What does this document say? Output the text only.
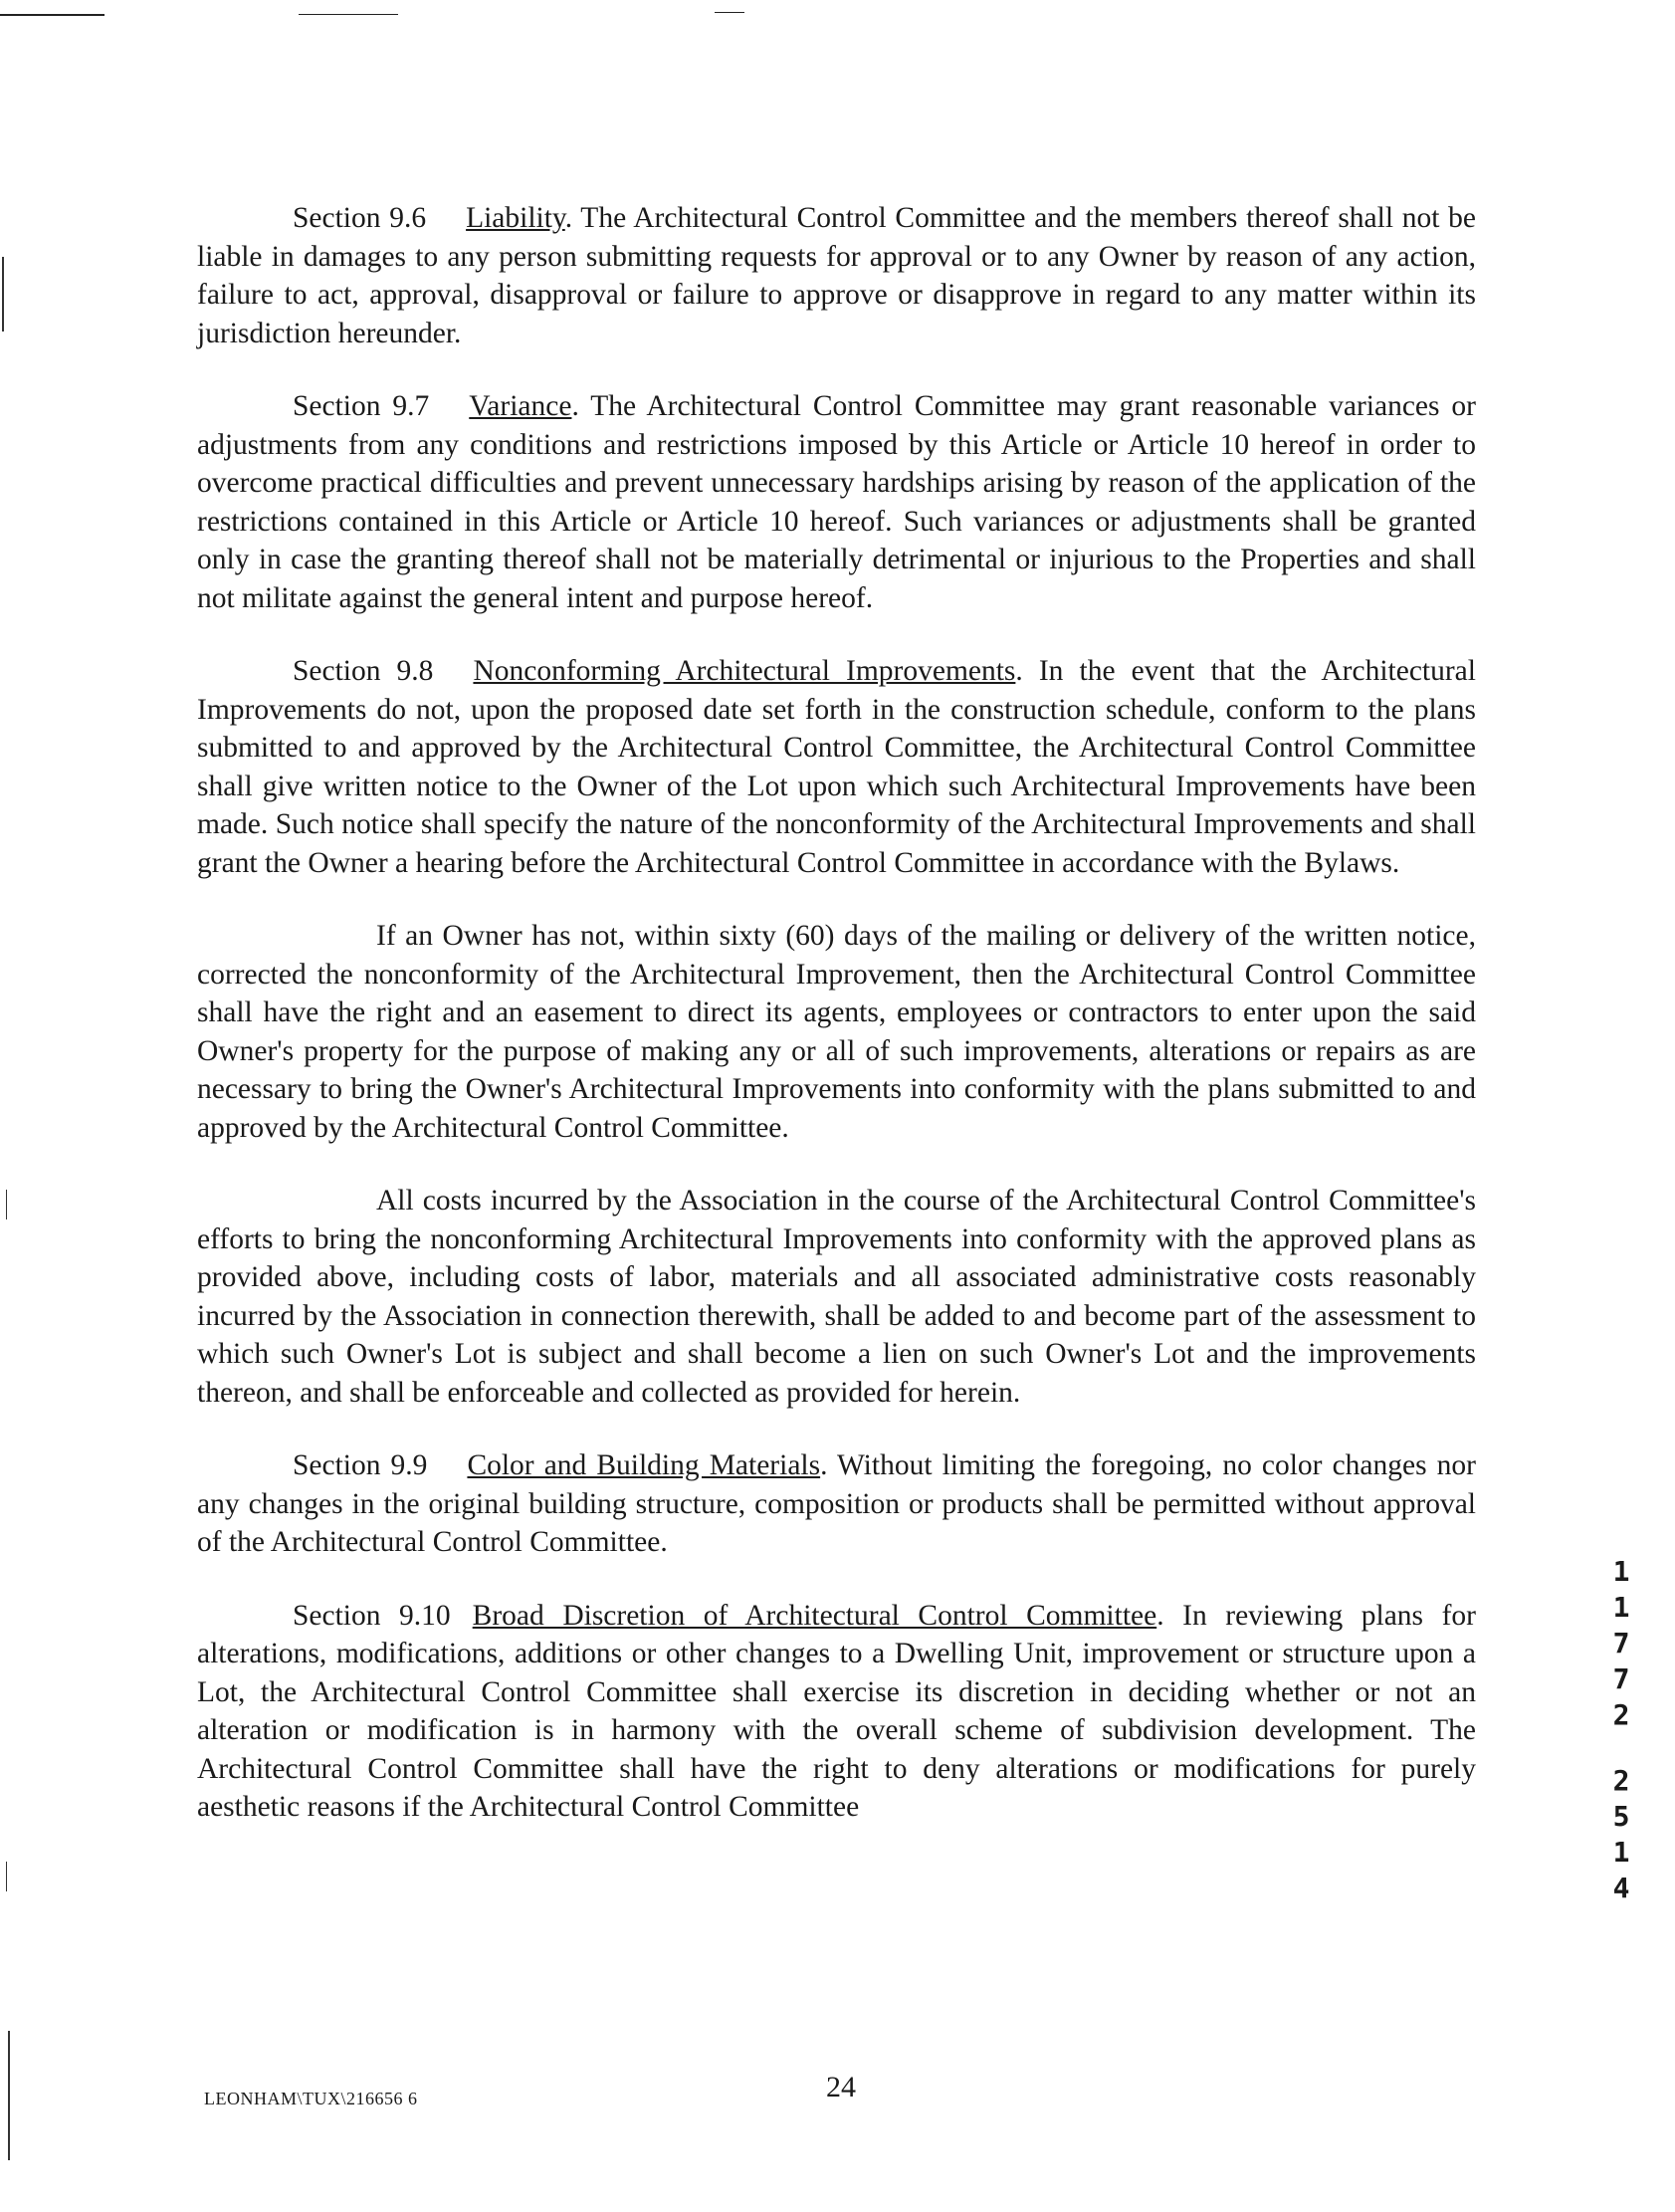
Section 9.6 Liability. The Architectural Control Committee and the members thereof shall not be liable in damages to any person submitting requests for approval or to any Owner by reason of any action, failure to act, approval, disapproval or failure to approve or disapprove in regard to any matter within its jurisdiction hereunder.

Section 9.7 Variance. The Architectural Control Committee may grant reasonable variances or adjustments from any conditions and restrictions imposed by this Article or Article 10 hereof in order to overcome practical difficulties and prevent unnecessary hardships arising by reason of the application of the restrictions contained in this Article or Article 10 hereof. Such variances or adjustments shall be granted only in case the granting thereof shall not be materially detrimental or injurious to the Properties and shall not militate against the general intent and purpose hereof.

Section 9.8 Nonconforming Architectural Improvements. In the event that the Architectural Improvements do not, upon the proposed date set forth in the construction schedule, conform to the plans submitted to and approved by the Architectural Control Committee, the Architectural Control Committee shall give written notice to the Owner of the Lot upon which such Architectural Improvements have been made. Such notice shall specify the nature of the nonconformity of the Architectural Improvements and shall grant the Owner a hearing before the Architectural Control Committee in accordance with the Bylaws.

If an Owner has not, within sixty (60) days of the mailing or delivery of the written notice, corrected the nonconformity of the Architectural Improvement, then the Architectural Control Committee shall have the right and an easement to direct its agents, employees or contractors to enter upon the said Owner's property for the purpose of making any or all of such improvements, alterations or repairs as are necessary to bring the Owner's Architectural Improvements into conformity with the plans submitted to and approved by the Architectural Control Committee.

All costs incurred by the Association in the course of the Architectural Control Committee's efforts to bring the nonconforming Architectural Improvements into conformity with the approved plans as provided above, including costs of labor, materials and all associated administrative costs reasonably incurred by the Association in connection therewith, shall be added to and become part of the assessment to which such Owner's Lot is subject and shall become a lien on such Owner's Lot and the improvements thereon, and shall be enforceable and collected as provided for herein.

Section 9.9 Color and Building Materials. Without limiting the foregoing, no color changes nor any changes in the original building structure, composition or products shall be permitted without approval of the Architectural Control Committee.

Section 9.10 Broad Discretion of Architectural Control Committee. In reviewing plans for alterations, modifications, additions or other changes to a Dwelling Unit, improvement or structure upon a Lot, the Architectural Control Committee shall exercise its discretion in deciding whether or not an alteration or modification is in harmony with the overall scheme of subdivision development. The Architectural Control Committee shall have the right to deny alterations or modifications for purely aesthetic reasons if the Architectural Control Committee

1
1
7
7
2
2
5
1
4
LEONHAM\TUX\216656 6	24
